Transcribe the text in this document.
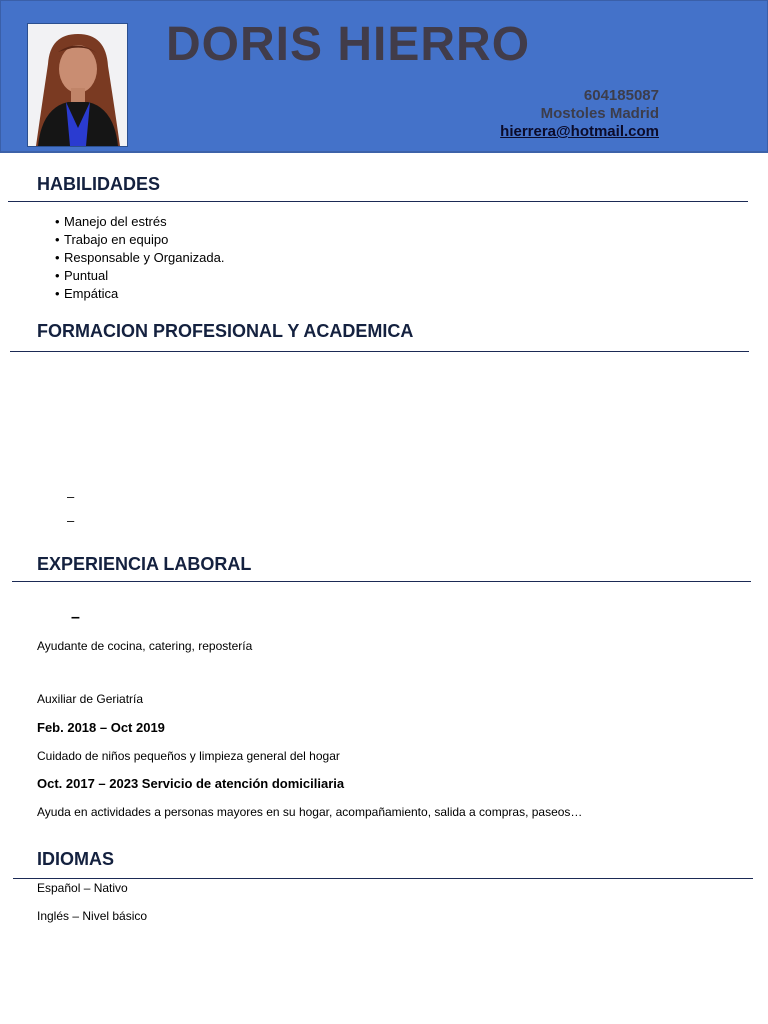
DORIS HIERRO
604185087
Mostoles Madrid
hierrera@hotmail.com
HABILIDADES
• Manejo del estrés
• Trabajo en equipo
• Responsable y Organizada.
• Puntual
• Empática
FORMACION PROFESIONAL Y ACADEMICA
–
–
EXPERIENCIA LABORAL
–
Ayudante de cocina, catering, repostería
Auxiliar de Geriatría
Feb. 2018 – Oct 2019
Cuidado de niños pequeños y limpieza general del hogar
Oct. 2017 – 2023 Servicio de atención domiciliaria
Ayuda en actividades a personas mayores en su hogar, acompañamiento, salida a compras, paseos…
IDIOMAS
Español – Nativo
Inglés – Nivel básico
